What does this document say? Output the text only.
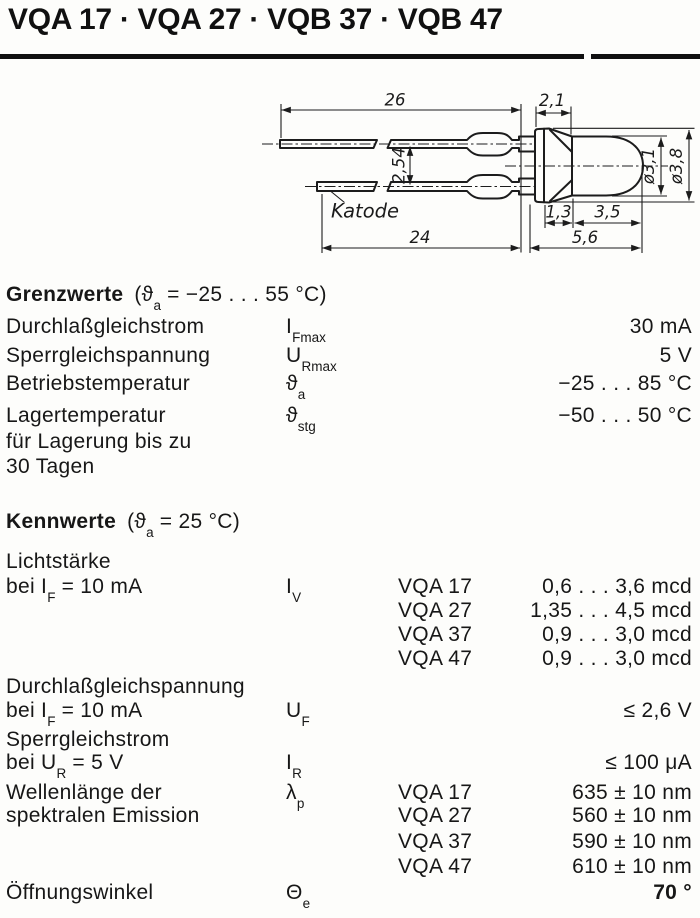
VQA 17 · VQA 27 · VQB 37 · VQB 47
26	2,1
2,54
Katode
24	5,6
1,3 3,5
ø3,1 ø3,8
Grenzwerte ($ϑ_a = -25$ . . . 55 °C)
Durchlaßgleichstrom	$I_{Fmax}$	30 mA
Sperrgleichspannung	$U_{Rmax}$	5 V
Betriebstemperatur	$ϑ_a$	−25 . . . 85 °C
Lagertemperatur	$ϑ_{stg}$	−50 . . . 50 °C
für Lagerung bis zu
30 Tagen
Kennwerte ($ϑ_a = 25$ °C)
Lichtstärke
bei $I_F = 10$ mA	$I_V$	VQA 17	0,6 . . . 3,6 mcd
VQA 27	1,35 . . . 4,5 mcd
VQA 37	0,9 . . . 3,0 mcd
VQA 47	0,9 . . . 3,0 mcd
Durchlaßgleichspannung
bei $I_F = 10$ mA	$U_F$	≤ 2,6 V
Sperrgleichstrom
bei $U_R = 5$ V	$I_R$	≤ 100 μA
Wellenlänge der	$\lambda_p$	VQA 17	635 ± 10 nm
spektralen Emission	VQA 27	560 ± 10 nm
VQA 37	590 ± 10 nm
VQA 47	610 ± 10 nm
Öffnungswinkel	$\Theta_e$	70 °
